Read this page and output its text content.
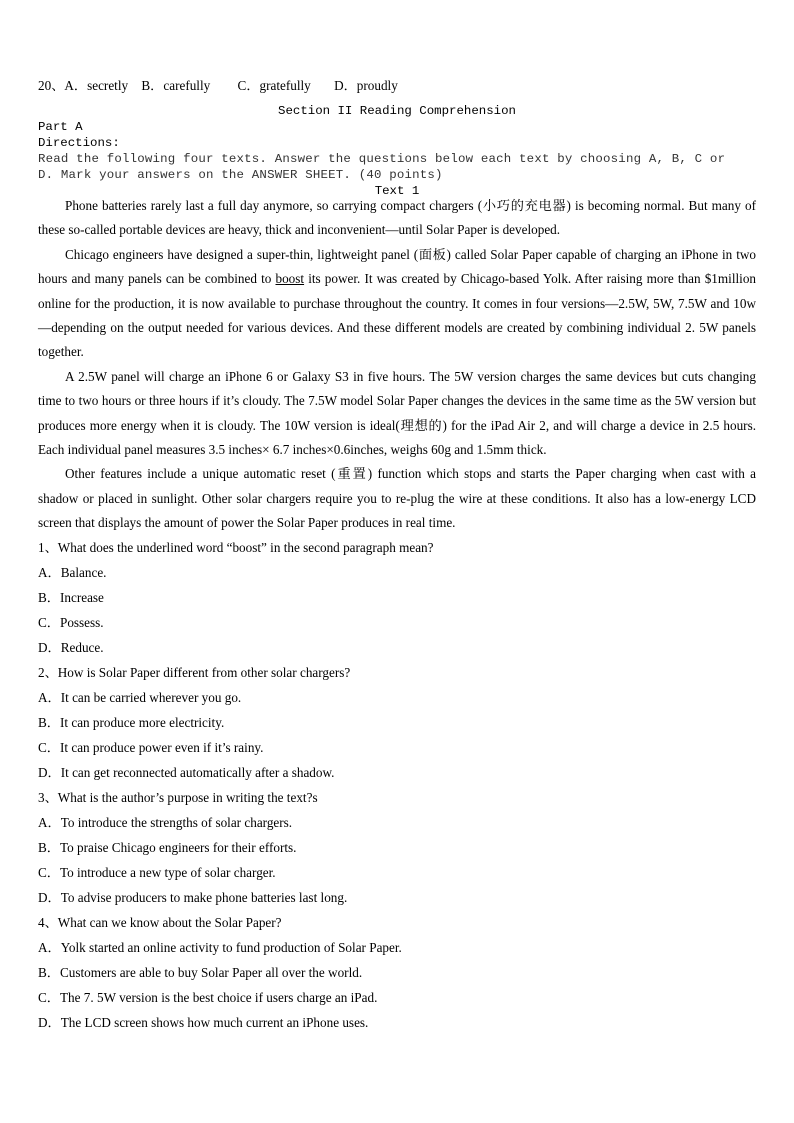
20、A．secretly B．carefully C．gratefully D．proudly
Section II Reading Comprehension
Part A
Directions:
Read the following four texts. Answer the questions below each text by choosing A, B, C or D. Mark your answers on the ANSWER SHEET. (40 points)
Text 1

Phone batteries rarely last a full day anymore, so carrying compact chargers (小巧的充电器) is becoming normal. But many of these so-called portable devices are heavy, thick and inconvenient—until Solar Paper is developed.

Chicago engineers have designed a super-thin, lightweight panel (面板) called Solar Paper capable of charging an iPhone in two hours and many panels can be combined to boost its power. It was created by Chicago-based Yolk. After raising more than $1million online for the production, it is now available to purchase throughout the country. It comes in four versions—2.5W, 5W, 7.5W and 10w—depending on the output needed for various devices. And these different models are created by combining individual 2. 5W panels together.

A 2.5W panel will charge an iPhone 6 or Galaxy S3 in five hours. The 5W version charges the same devices but cuts changing time to two hours or three hours if it’s cloudy. The 7.5W model Solar Paper changes the devices in the same time as the 5W version but produces more energy when it is cloudy. The 10W version is ideal(理想的) for the iPad Air 2, and will charge a device in 2.5 hours. Each individual panel measures 3.5 inches× 6.7 inches×0.6inches, weighs 60g and 1.5mm thick.

Other features include a unique automatic reset (重置) function which stops and starts the Paper charging when cast with a shadow or placed in sunlight. Other solar chargers require you to re-plug the wire at these conditions. It also has a low-energy LCD screen that displays the amount of power the Solar Paper produces in real time.

1、What does the underlined word “boost” in the second paragraph mean?
A．Balance.
B．Increase
C．Possess.
D．Reduce.
2、How is Solar Paper different from other solar chargers?
A．It can be carried wherever you go.
B．It can produce more electricity.
C．It can produce power even if it’s rainy.
D．It can get reconnected automatically after a shadow.
3、What is the author’s purpose in writing the text?s
A．To introduce the strengths of solar chargers.
B．To praise Chicago engineers for their efforts.
C．To introduce a new type of solar charger.
D．To advise producers to make phone batteries last long.
4、What can we know about the Solar Paper?
A．Yolk started an online activity to fund production of Solar Paper.
B．Customers are able to buy Solar Paper all over the world.
C．The 7. 5W version is the best choice if users charge an iPad.
D．The LCD screen shows how much current an iPhone uses.
